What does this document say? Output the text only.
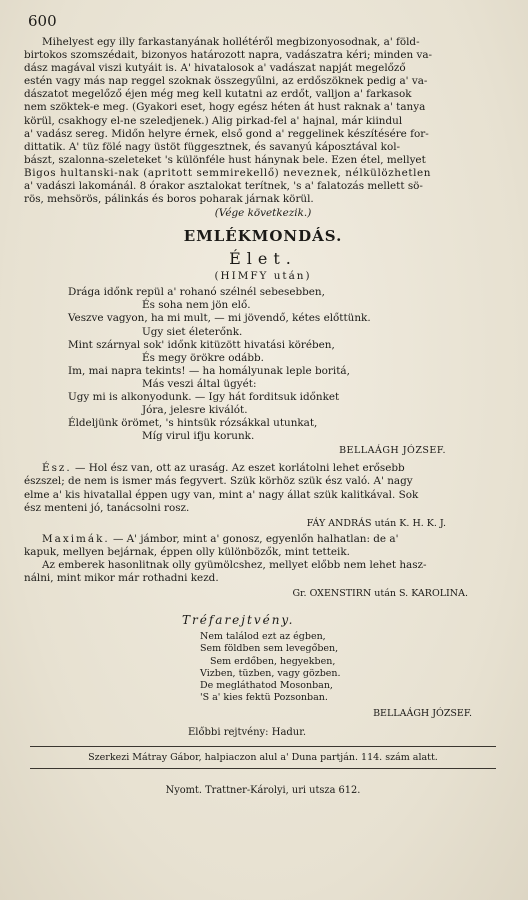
600

Mihelyest egy illy farkastanyának hollétéről megbizonyosodnak, a' föld-
birtokos szomszédait, bizonyos határozott napra, vadászatra kéri; minden va-
dász magával viszi kutyáit is. A' hivatalosok a' vadászat napját megelőző
estén vagy más nap reggel szoknak összegyűlni, az erdőszöknek pedig a' va-
dászatot megelőző éjen még meg kell kutatni az erdőt, valljon a' farkasok
nem szöktek-e meg. (Gyakori eset, hogy egész héten át hust raknak a' tanya
körül, csakhogy el-ne szeledjenek.) Alig pirkad-fel a' hajnal, már kiindul
a' vadász sereg. Midőn helyre érnek, első gond a' reggelinek készítésére for-
dittatik. A' tüz fölé nagy üstöt függesztnek, és savanyú káposztával kol-
bászt, szalonna-szeleteket 's különféle hust hánynak bele. Ezen étel, mellyet
Bigos hultanski-nak (apritott semmirekellő) neveznek, nélkülözhetlen
a' vadászi lakománál. 8 órakor asztalokat terítnek, 's a' falatozás mellett sö-
rös, mehsörös, pálinkás és boros poharak járnak körül.

(Vége következik.)
EMLÉKMONDÁS.
Élet.
(HIMFY után)
Drága időnk repül a' rohanó szélnél sebesebben,
És soha nem jön elő.
Veszve vagyon, ha mi mult, — mi jövendő, kétes előttünk.
Ugy siet életerőnk.
Mint szárnyal sok' időnk kitüzött hivatási körében,
És megy örökre odább.
Im, mai napra tekints! — ha homályunak leple boritá,
Más veszi által ügyét:
Ugy mi is alkonyodunk. — Igy hát forditsuk időnket
Jóra, jelesre kiválót.
Éldeljünk örömet, 's hintsük rózsákkal utunkat,
Míg virul ifju korunk.
BELLAÁGH JÓZSEF.

Ész. — Hol ész van, ott az uraság. Az eszet korlátolni lehet erősebb
észszel; de nem is ismer más fegyvert. Szük körhöz szük ész való. A' nagy
elme a' kis hivatallal éppen ugy van, mint a' nagy állat szük kalitkával. Sok
ész menteni jó, tanácsolni rosz.

FÁY ANDRÁS után K. H. K. J.

Maximák. — A' jámbor, mint a' gonosz, egyenlőn halhatlan: de a'
kapuk, mellyen bejárnak, éppen olly különbözők, mint tetteik.
Az emberek hasonlitnak olly gyümölcshez, mellyet előbb nem lehet hasz-
nálni, mint mikor már rothadni kezd.

Gr. OXENSTIRN után S. KAROLINA.
Tréfarejtvény.
Nem találod ezt az égben,
Sem földben sem levegőben,
Sem erdőben, hegyekben,
Vizben, tüzben, vagy gözben.
De megláthatod Mosonban,
'S a' kies fektü Pozsonban.
BELLAÁGH JÓZSEF.
Előbbi rejtvény: Hadur.
Szerkezi Mátray Gábor, halpiaczon alul a' Duna partján. 114. szám alatt.
Nyomt. Trattner-Károlyi, uri utsza 612.
